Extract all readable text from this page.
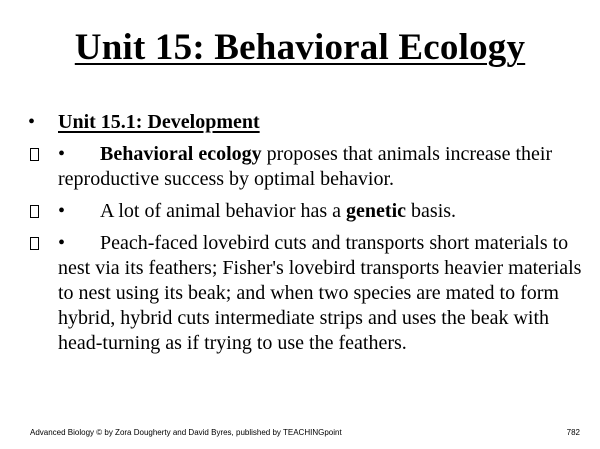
Unit 15: Behavioral Ecology
•	Unit 15.1: Development
•	Behavioral ecology proposes that animals increase their reproductive success by optimal behavior.
•	A lot of animal behavior has a genetic basis.
•	Peach-faced lovebird cuts and transports short materials to nest via its feathers; Fisher's lovebird transports heavier materials to nest using its beak; and when two species are mated to form hybrid, hybrid cuts intermediate strips and uses the beak with head-turning as if trying to use the feathers.
Advanced Biology © by Zora Dougherty and David Byres, published by TEACHINGpoint	782
